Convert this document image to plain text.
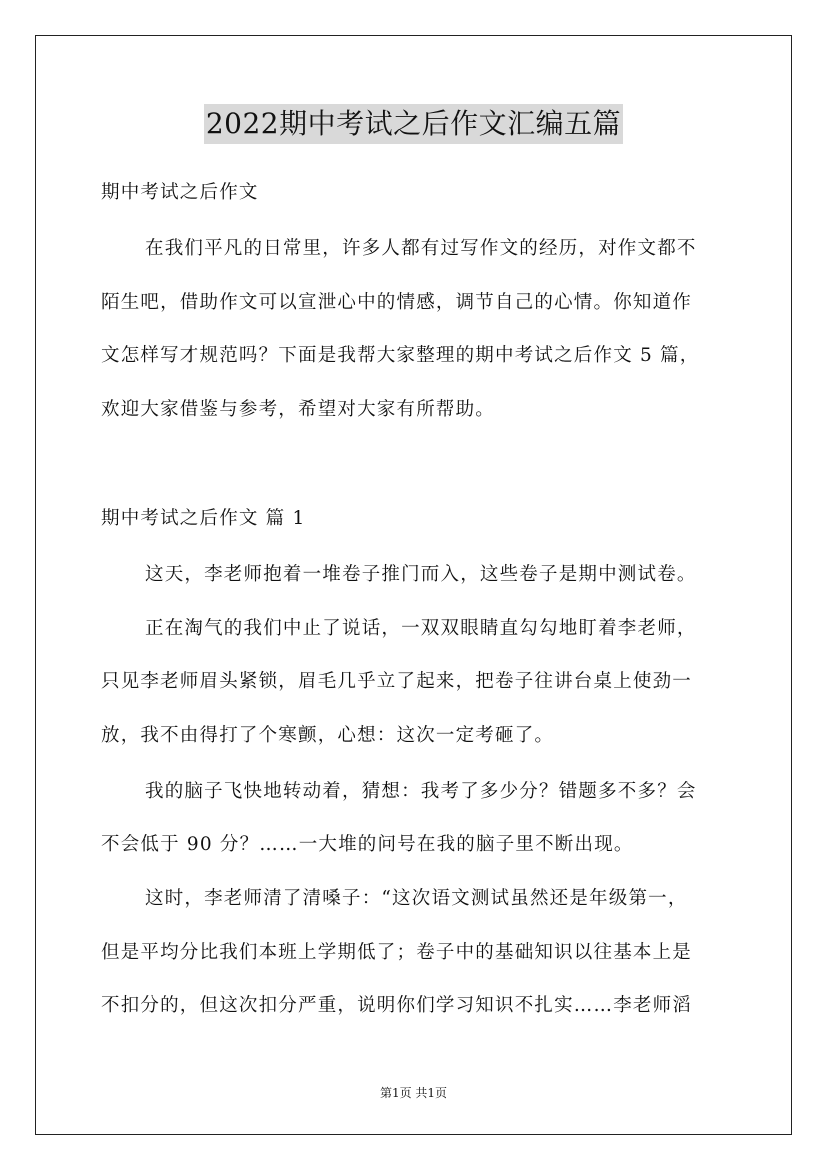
2022期中考试之后作文汇编五篇
期中考试之后作文
在我们平凡的日常里，许多人都有过写作文的经历，对作文都不
陌生吧，借助作文可以宣泄心中的情感，调节自己的心情。你知道作
文怎样写才规范吗？下面是我帮大家整理的期中考试之后作文 5 篇，
欢迎大家借鉴与参考，希望对大家有所帮助。
期中考试之后作文 篇 1
这天，李老师抱着一堆卷子推门而入，这些卷子是期中测试卷。
正在淘气的我们中止了说话，一双双眼睛直勾勾地盯着李老师，
只见李老师眉头紧锁，眉毛几乎立了起来，把卷子往讲台桌上使劲一
放，我不由得打了个寒颤，心想：这次一定考砸了。
我的脑子飞快地转动着，猜想：我考了多少分？错题多不多？会
不会低于 90 分？……一大堆的问号在我的脑子里不断出现。
这时，李老师清了清嗓子：“这次语文测试虽然还是年级第一，
但是平均分比我们本班上学期低了；卷子中的基础知识以往基本上是
不扣分的，但这次扣分严重，说明你们学习知识不扎实……李老师滔
第1页 共1页
